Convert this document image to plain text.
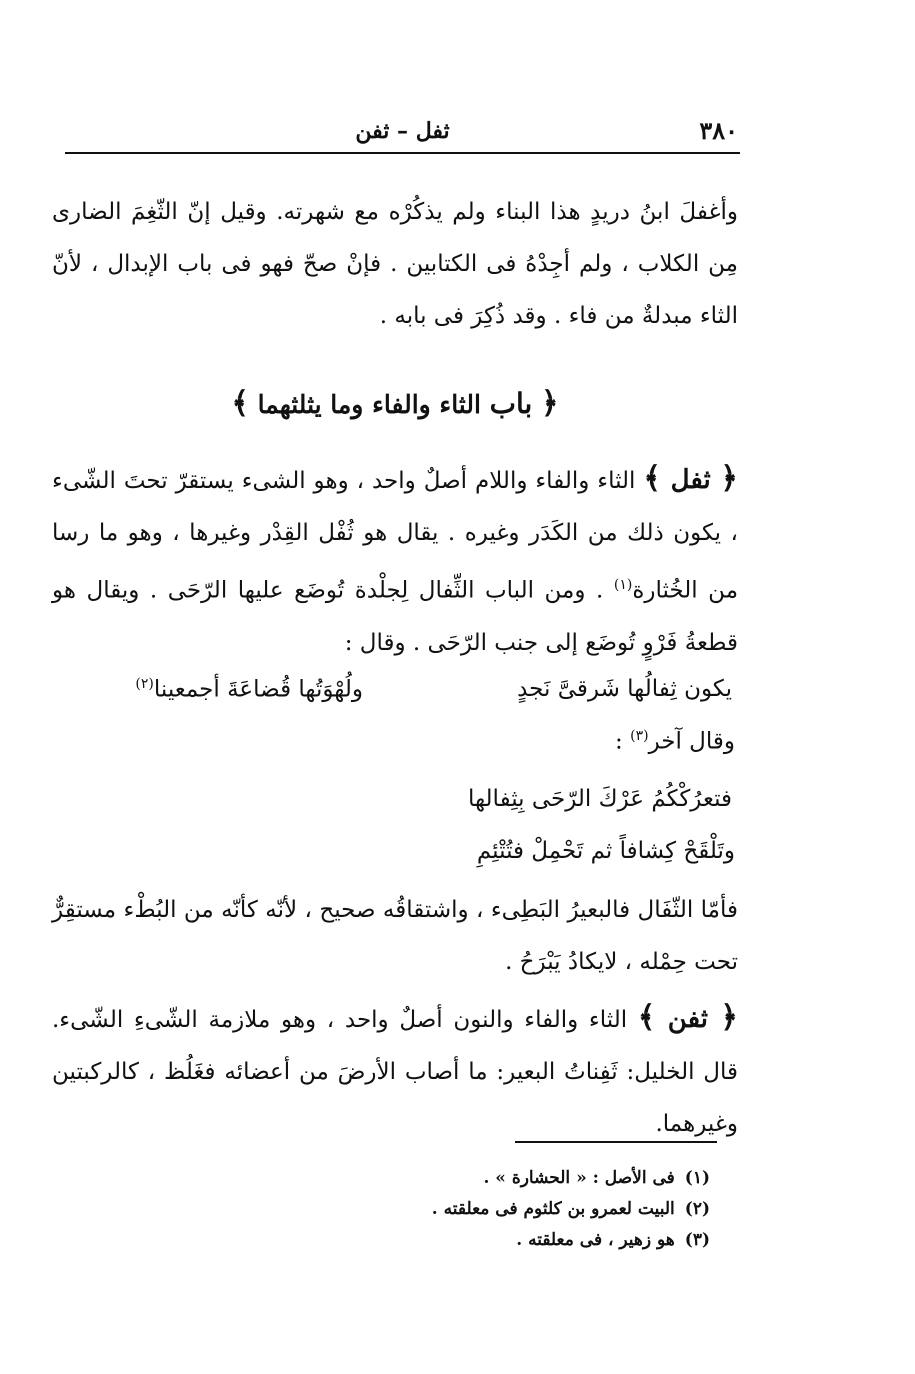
٣٨٠
ثفل – ثفن
وأغفلَ ابنُ دريدٍ هذا البناء ولم يذكُرْه مع شهرته. وقيل إنّ الثّغِمَ الضارى مِن الكلاب ، ولم أجِدْهُ فى الكتابين . فإنْ صحّ فهو فى باب الإبدال ، لأنّ الثاء مبدلةٌ من فاء . وقد ذُكِرَ فى بابه .
﴿ باب الثاء والفاء وما يثلثهما ﴾
﴿ ثفل ﴾ الثاء والفاء واللام أصلٌ واحد ، وهو الشىء يستقرّ تحتَ الشّىء ، يكون ذلك من الكَدَر وغيره . يقال هو ثُفْل القِدْر وغيرها ، وهو ما رسا من الخُثارة$^{(١)}$ . ومن الباب الثِّفال لِجلْدة تُوضَع عليها الرّحَى . ويقال هو قطعةُ فَرْوٍ تُوضَع إلى جنب الرّحَى . وقال :
يكون ثِفالُها شَرقىَّ نَجدٍ
ولُهْوَتُها قُضاعَةَ أجمعينا$^{(٢)}$
وقال آخر$^{(٣)}$ :
فتعرُكْكُمُ عَرْكَ الرّحَى بِثِفالها
وتَلْقَحْ كِشافاً ثم تَحْمِلْ فتُتْئِمِ
فأمّا الثّفَال فالبعيرُ البَطِىء ، واشتقاقُه صحيح ، لأنّه كأنّه من البُطْء مستقِرٌّ تحت حِمْله ، لايكادُ يَبْرَحُ .
﴿ ثفن ﴾ الثاء والفاء والنون أصلٌ واحد ، وهو ملازمة الشّىءِ الشّىء. قال الخليل: ثَفِناتُ البعير: ما أصاب الأرضَ من أعضائه فغَلُظ ، كالركبتين وغيرهما.
(١)فى الأصل : « الحشارة » .
(٢)البيت لعمرو بن كلثوم فى معلقته .
(٣)هو زهير ، فى معلقته .
